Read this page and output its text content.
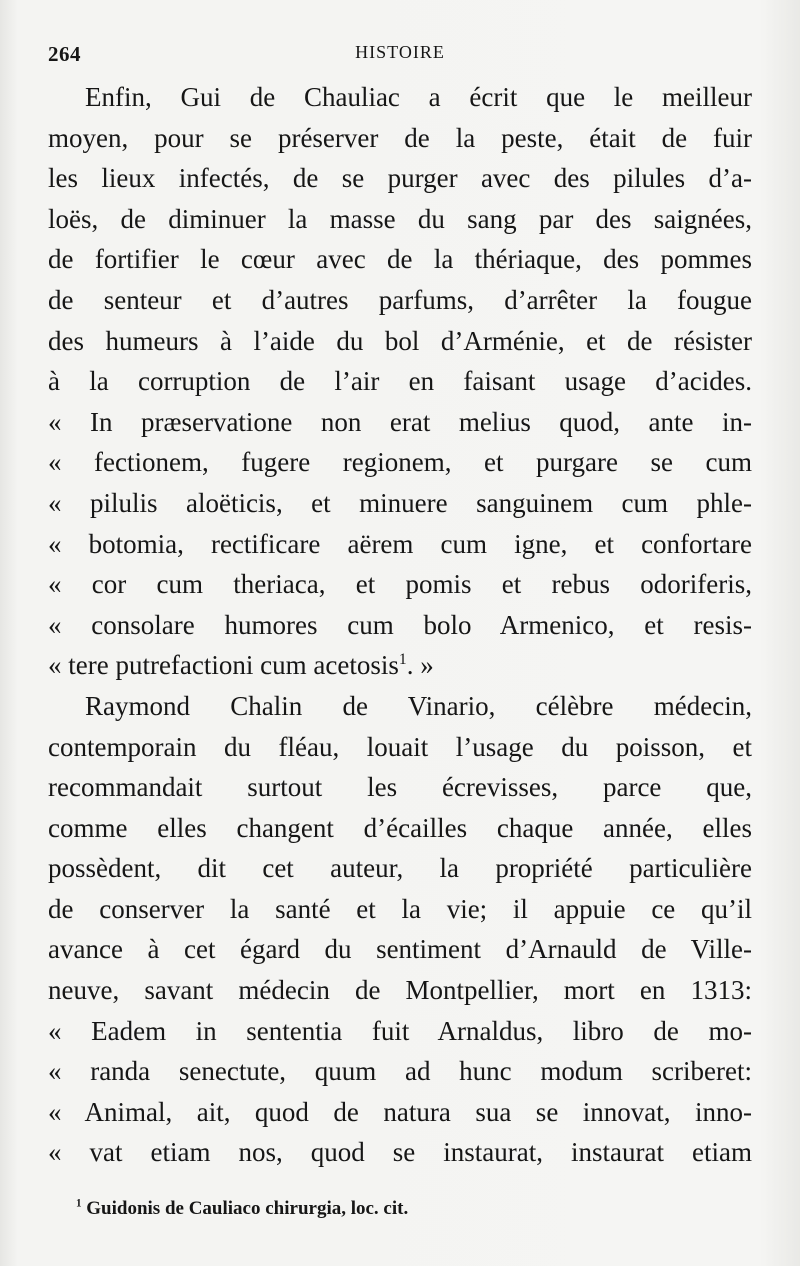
264	HISTOIRE
Enfin, Gui de Chauliac a écrit que le meilleur
moyen, pour se préserver de la peste, était de fuir
les lieux infectés, de se purger avec des pilules d’a-
loës, de diminuer la masse du sang par des saignées,
de fortifier le cœur avec de la thériaque, des pommes
de senteur et d’autres parfums, d’arrêter la fougue
des humeurs à l’aide du bol d’Arménie, et de résister
à la corruption de l’air en faisant usage d’acides.
« In præservatione non erat melius quod, ante in-
« fectionem, fugere regionem, et purgare se cum
« pilulis aloëticis, et minuere sanguinem cum phle-
« botomia, rectificare aërem cum igne, et confortare
« cor cum theriaca, et pomis et rebus odoriferis,
« consolare humores cum bolo Armenico, et resis-
« tere putrefactioni cum acetosis$^1$. »
Raymond Chalin de Vinario, célèbre médecin,
contemporain du fléau, louait l’usage du poisson, et
recommandait surtout les écrevisses, parce que,
comme elles changent d’écailles chaque année, elles
possèdent, dit cet auteur, la propriété particulière
de conserver la santé et la vie; il appuie ce qu’il
avance à cet égard du sentiment d’Arnauld de Ville-
neuve, savant médecin de Montpellier, mort en 1313:
« Eadem in sententia fuit Arnaldus, libro de mo-
« randa senectute, quum ad hunc modum scriberet:
« Animal, ait, quod de natura sua se innovat, inno-
« vat etiam nos, quod se instaurat, instaurat etiam
$^1$ Guidonis de Cauliaco chirurgia, loc. cit.
